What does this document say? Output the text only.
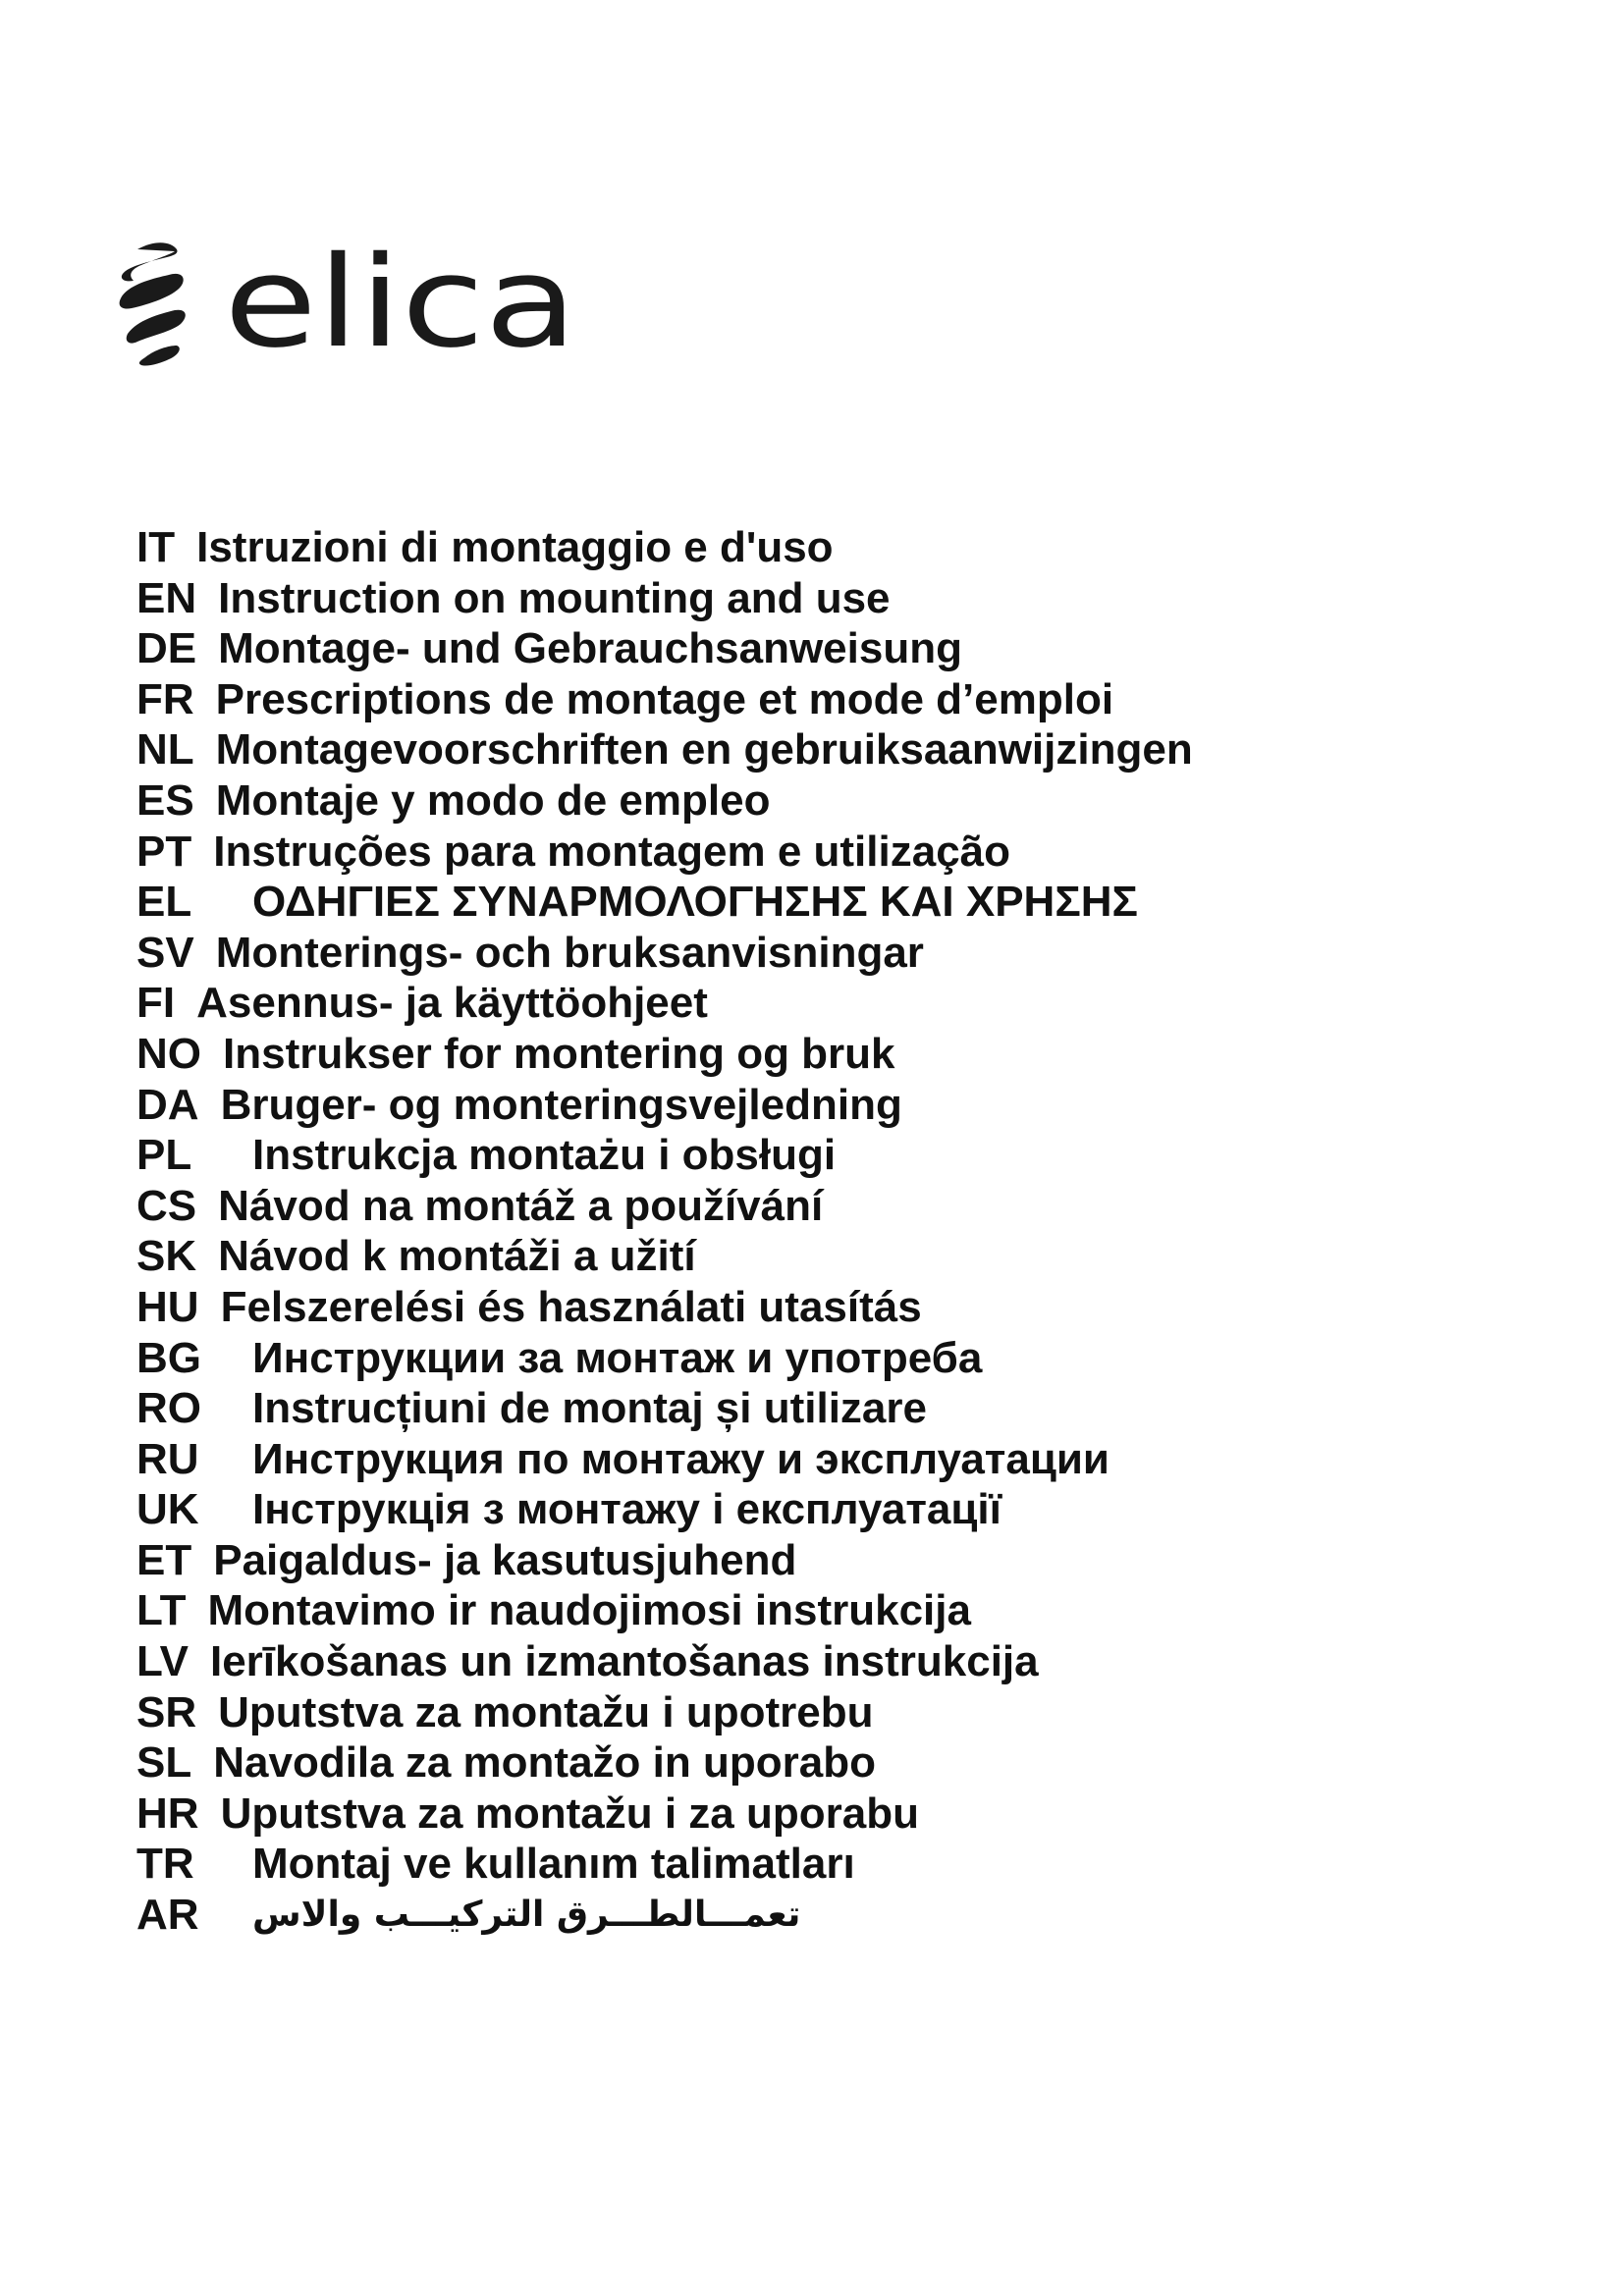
elica
IT Istruzioni di montaggio e d'uso
EN Instruction on mounting and use
DE Montage- und Gebrauchsanweisung
FR Prescriptions de montage et mode d’emploi
NL Montagevoorschriften en gebruiksaanwijzingen
ES Montaje y modo de empleo
PT Instruções para montagem e utilização
EL	ΟΔΗΓΙΕΣ ΣΥΝΑΡΜΟΛΟΓΗΣΗΣ ΚΑΙ ΧΡΗΣΗΣ
SV Monterings- och bruksanvisningar
FI Asennus- ja käyttöohjeet
NO Instrukser for montering og bruk
DA Bruger- og monteringsvejledning
PL	Instrukcja montażu i obsługi
CS Návod na montáž a používání
SK Návod k montáži a užití
HU Felszerelési és használati utasítás
BG	Инструкции за монтаж и употреба
RO	Instrucțiuni de montaj și utilizare
RU	Инструкция по монтажу и эксплуатации
UK	Інструкція з монтажу і експлуатації
ET Paigaldus- ja kasutusjuhend
LT Montavimo ir naudojimosi instrukcija
LV Ierīkošanas un izmantošanas instrukcija
SR Uputstva za montažu i upotrebu
SL Navodila za montažo in uporabo
HR Uputstva za montažu i za uporabu
TR	Montaj ve kullanım talimatları
AR	تعمـــالطـــرق التركيـــب والاس
